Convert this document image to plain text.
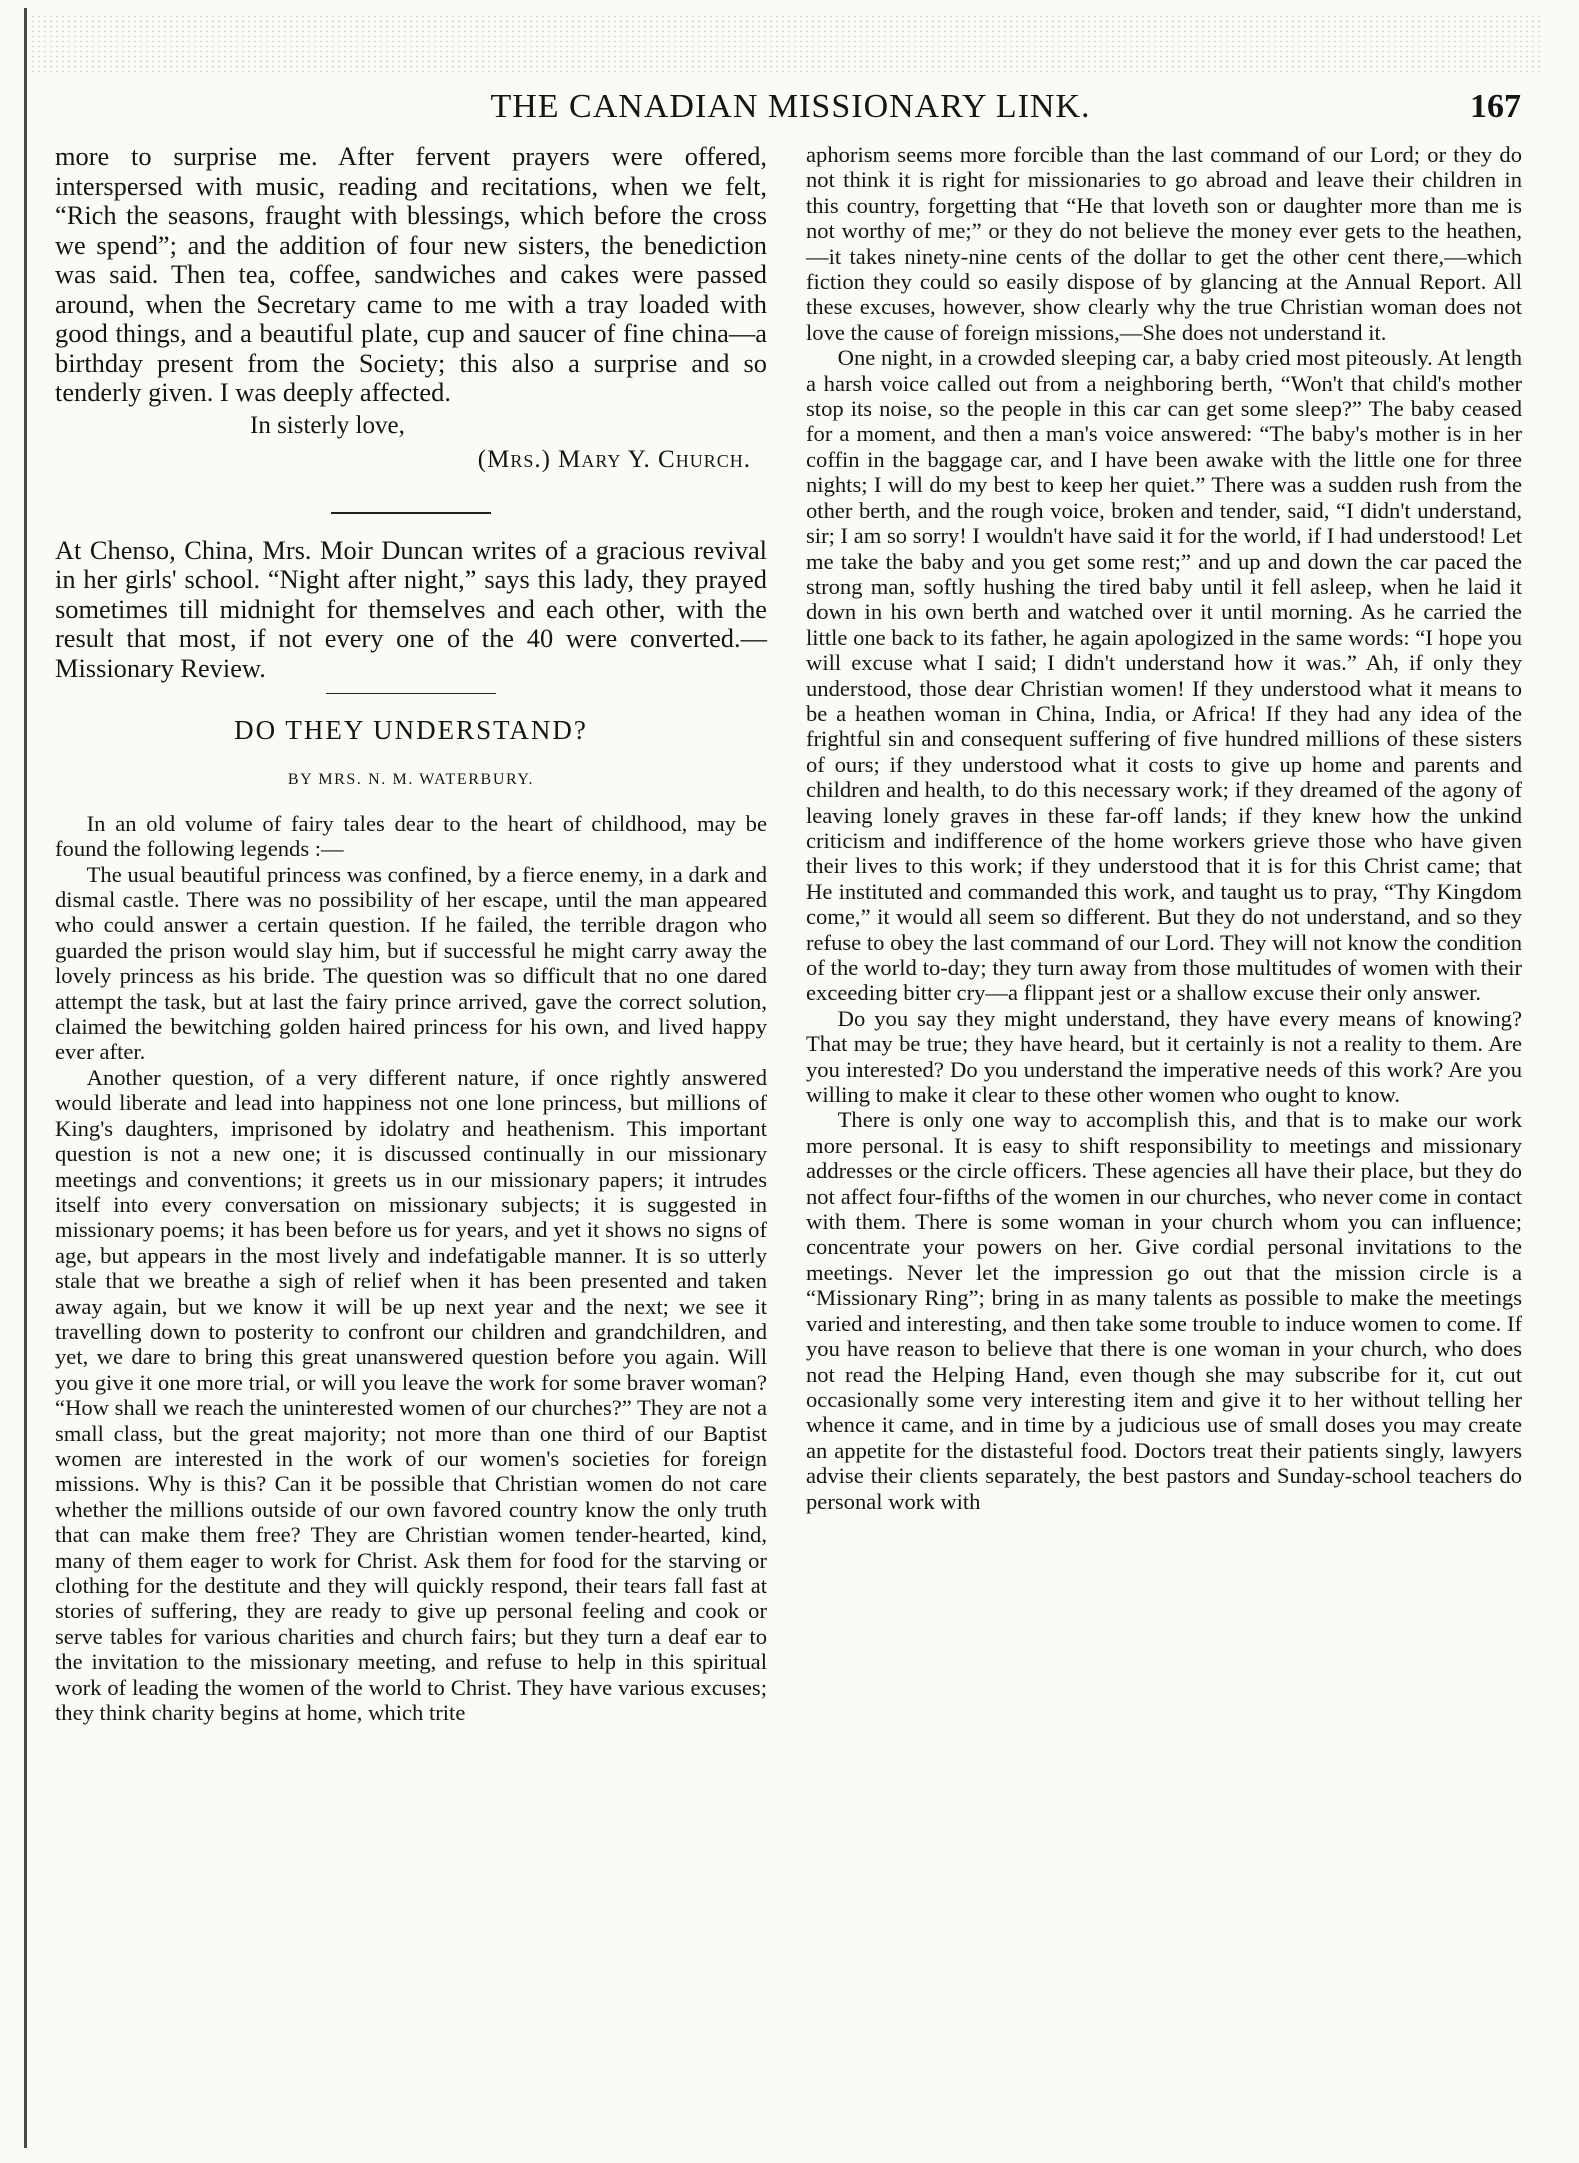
THE CANADIAN MISSIONARY LINK.	167

more to surprise me. After fervent prayers were offered, interspersed with music, reading and recitations, when we felt, “Rich the seasons, fraught with blessings, which before the cross we spend”; and the addition of four new sisters, the benediction was said. Then tea, coffee, sandwiches and cakes were passed around, when the Secretary came to me with a tray loaded with good things, and a beautiful plate, cup and saucer of fine china—a birthday present from the Society; this also a surprise and so tenderly given. I was deeply affected.

In sisterly love,
(Mrs.) Mary Y. Church.

At Chenso, China, Mrs. Moir Duncan writes of a gracious revival in her girls' school. “Night after night,” says this lady, they prayed sometimes till midnight for themselves and each other, with the result that most, if not every one of the 40 were converted.—Missionary Review.

DO THEY UNDERSTAND?
BY MRS. N. M. WATERBURY.

In an old volume of fairy tales dear to the heart of childhood, may be found the following legends :—

The usual beautiful princess was confined, by a fierce enemy, in a dark and dismal castle. There was no possibility of her escape, until the man appeared who could answer a certain question. If he failed, the terrible dragon who guarded the prison would slay him, but if successful he might carry away the lovely princess as his bride. The question was so difficult that no one dared attempt the task, but at last the fairy prince arrived, gave the correct solution, claimed the bewitching golden haired princess for his own, and lived happy ever after.

Another question, of a very different nature, if once rightly answered would liberate and lead into happiness not one lone princess, but millions of King's daughters, imprisoned by idolatry and heathenism. This important question is not a new one; it is discussed continually in our missionary meetings and conventions; it greets us in our missionary papers; it intrudes itself into every conversation on missionary subjects; it is suggested in missionary poems; it has been before us for years, and yet it shows no signs of age, but appears in the most lively and indefatigable manner. It is so utterly stale that we breathe a sigh of relief when it has been presented and taken away again, but we know it will be up next year and the next; we see it travelling down to posterity to confront our children and grandchildren, and yet, we dare to bring this great unanswered question before you again. Will you give it one more trial, or will you leave the work for some braver woman? “How shall we reach the uninterested women of our churches?” They are not a small class, but the great majority; not more than one third of our Baptist women are interested in the work of our women's societies for foreign missions. Why is this? Can it be possible that Christian women do not care whether the millions outside of our own favored country know the only truth that can make them free? They are Christian women tender-hearted, kind, many of them eager to work for Christ. Ask them for food for the starving or clothing for the destitute and they will quickly respond, their tears fall fast at stories of suffering, they are ready to give up personal feeling and cook or serve tables for various charities and church fairs; but they turn a deaf ear to the invitation to the missionary meeting, and refuse to help in this spiritual work of leading the women of the world to Christ. They have various excuses; they think charity begins at home, which trite

aphorism seems more forcible than the last command of our Lord; or they do not think it is right for missionaries to go abroad and leave their children in this country, forgetting that “He that loveth son or daughter more than me is not worthy of me;” or they do not believe the money ever gets to the heathen,—it takes ninety-nine cents of the dollar to get the other cent there,—which fiction they could so easily dispose of by glancing at the Annual Report. All these excuses, however, show clearly why the true Christian woman does not love the cause of foreign missions,—She does not understand it.

One night, in a crowded sleeping car, a baby cried most piteously. At length a harsh voice called out from a neighboring berth, “Won't that child's mother stop its noise, so the people in this car can get some sleep?” The baby ceased for a moment, and then a man's voice answered: “The baby's mother is in her coffin in the baggage car, and I have been awake with the little one for three nights; I will do my best to keep her quiet.” There was a sudden rush from the other berth, and the rough voice, broken and tender, said, “I didn't understand, sir; I am so sorry! I wouldn't have said it for the world, if I had understood! Let me take the baby and you get some rest;” and up and down the car paced the strong man, softly hushing the tired baby until it fell asleep, when he laid it down in his own berth and watched over it until morning. As he carried the little one back to its father, he again apologized in the same words: “I hope you will excuse what I said; I didn't understand how it was.” Ah, if only they understood, those dear Christian women! If they understood what it means to be a heathen woman in China, India, or Africa! If they had any idea of the frightful sin and consequent suffering of five hundred millions of these sisters of ours; if they understood what it costs to give up home and parents and children and health, to do this necessary work; if they dreamed of the agony of leaving lonely graves in these far-off lands; if they knew how the unkind criticism and indifference of the home workers grieve those who have given their lives to this work; if they understood that it is for this Christ came; that He instituted and commanded this work, and taught us to pray, “Thy Kingdom come,” it would all seem so different. But they do not understand, and so they refuse to obey the last command of our Lord. They will not know the condition of the world to-day; they turn away from those multitudes of women with their exceeding bitter cry—a flippant jest or a shallow excuse their only answer.

Do you say they might understand, they have every means of knowing? That may be true; they have heard, but it certainly is not a reality to them. Are you interested? Do you understand the imperative needs of this work? Are you willing to make it clear to these other women who ought to know.

There is only one way to accomplish this, and that is to make our work more personal. It is easy to shift responsibility to meetings and missionary addresses or the circle officers. These agencies all have their place, but they do not affect four-fifths of the women in our churches, who never come in contact with them. There is some woman in your church whom you can influence; concentrate your powers on her. Give cordial personal invitations to the meetings. Never let the impression go out that the mission circle is a “Missionary Ring”; bring in as many talents as possible to make the meetings varied and interesting, and then take some trouble to induce women to come. If you have reason to believe that there is one woman in your church, who does not read the Helping Hand, even though she may subscribe for it, cut out occasionally some very interesting item and give it to her without telling her whence it came, and in time by a judicious use of small doses you may create an appetite for the distasteful food. Doctors treat their patients singly, lawyers advise their clients separately, the best pastors and Sunday-school teachers do personal work with
